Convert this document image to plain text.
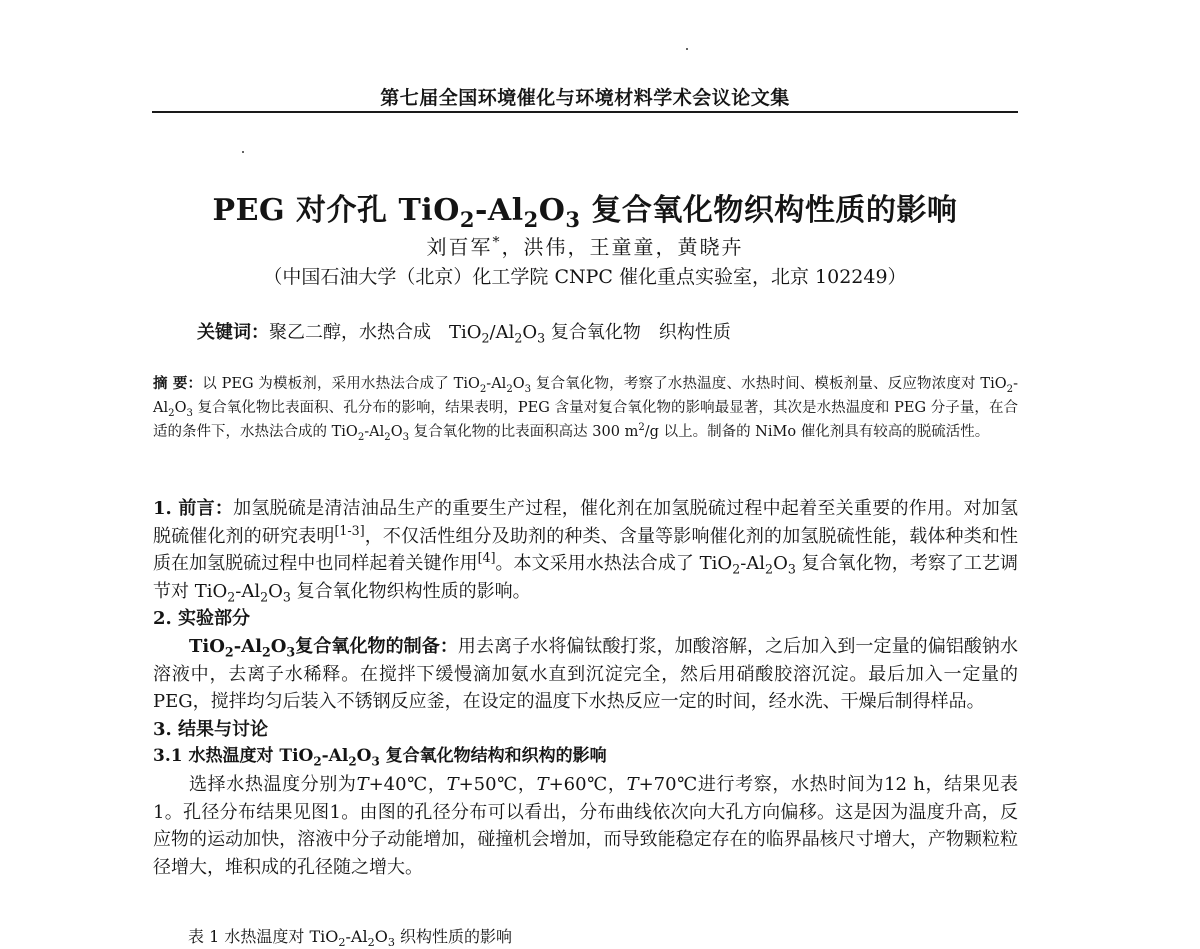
第七届全国环境催化与环境材料学术会议论文集
PEG 对介孔 $TiO_2-Al_2O_3$ 复合氧化物织构性质的影响
刘百军*，洪伟，王童童，黄晓卉
（中国石油大学（北京）化工学院 CNPC 催化重点实验室，北京 102249）
关键词：聚乙二醇，水热合成　$TiO_2/Al_2O_3$ 复合氧化物　织构性质
摘 要：以 PEG 为模板剂，采用水热法合成了 $TiO_2-Al_2O_3$ 复合氧化物，考察了水热温度、水热时间、模板剂量、反应物浓度对 $TiO_2-Al_2O_3$ 复合氧化物比表面积、孔分布的影响，结果表明，PEG 含量对复合氧化物的影响最显著，其次是水热温度和 PEG 分子量，在合适的条件下，水热法合成的 $TiO_2-Al_2O_3$ 复合氧化物的比表面积高达 300 $m^2/g$ 以上。制备的 NiMo 催化剂具有较高的脱硫活性。

1. 前言：加氢脱硫是清洁油品生产的重要生产过程，催化剂在加氢脱硫过程中起着至关重要的作用。对加氢脱硫催化剂的研究表明[1-3]，不仅活性组分及助剂的种类、含量等影响催化剂的加氢脱硫性能，载体种类和性质在加氢脱硫过程中也同样起着关键作用[4]。本文采用水热法合成了 $TiO_2-Al_2O_3$ 复合氧化物，考察了工艺调节对 $TiO_2-Al_2O_3$ 复合氧化物织构性质的影响。

2. 实验部分

$TiO_2-Al_2O_3$复合氧化物的制备：用去离子水将偏钛酸打浆，加酸溶解，之后加入到一定量的偏铝酸钠水溶液中，去离子水稀释。在搅拌下缓慢滴加氨水直到沉淀完全，然后用硝酸胶溶沉淀。最后加入一定量的 PEG，搅拌均匀后装入不锈钢反应釜，在设定的温度下水热反应一定的时间，经水洗、干燥后制得样品。

3. 结果与讨论
3.1 水热温度对 $TiO_2-Al_2O_3$ 复合氧化物结构和织构的影响

选择水热温度分别为T+40℃，T+50℃，T+60℃，T+70℃进行考察，水热时间为12 h，结果见表1。孔径分布结果见图1。由图的孔径分布可以看出，分布曲线依次向大孔方向偏移。这是因为温度升高，反应物的运动加快，溶液中分子动能增加，碰撞机会增加，而导致能稳定存在的临界晶核尺寸增大，产物颗粒粒径增大，堆积成的孔径随之增大。

表 1 水热温度对 $TiO_2-Al_2O_3$ 织构性质的影响
